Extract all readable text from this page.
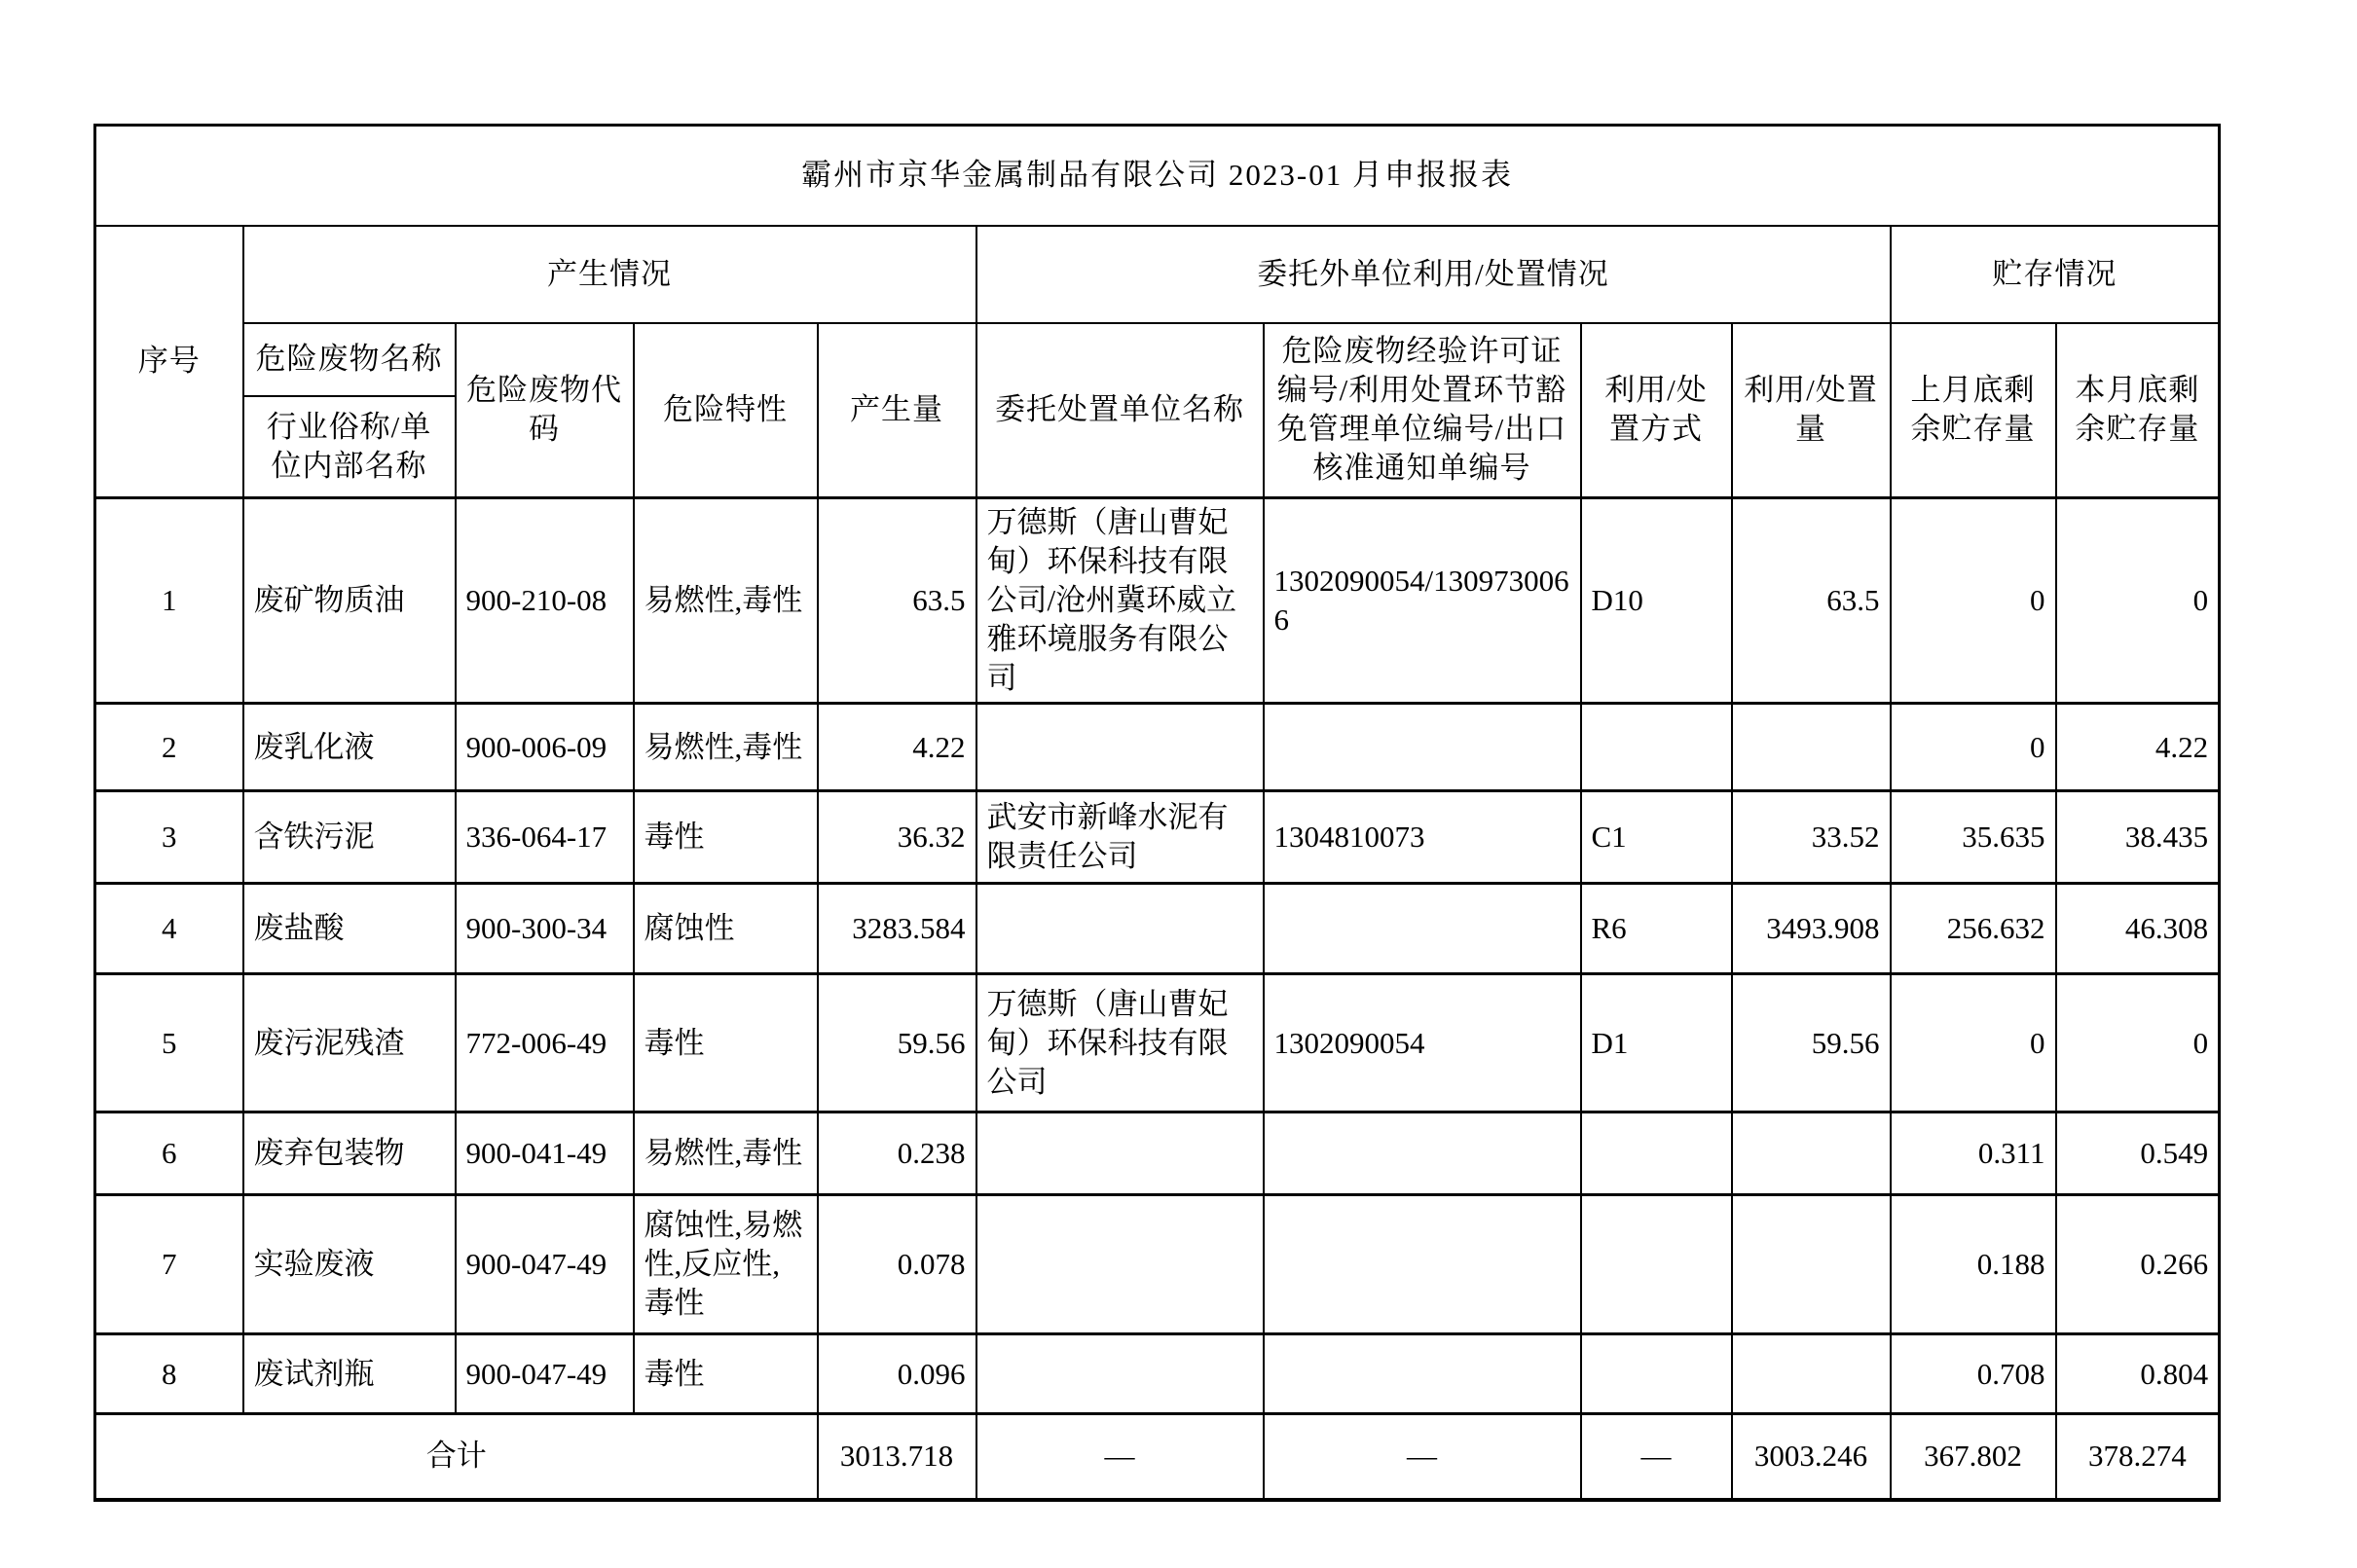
霸州市京华金属制品有限公司 2023-01 月申报报表										
序号	产生情况				委托外单位利用/处置情况				贮存情况	
	危险废物名称	危险废物代码	危险特性	产生量	委托处置单位名称	危险废物经验许可证编号/利用处置环节豁免管理单位编号/出口核准通知单编号	利用/处置方式	利用/处置量	上月底剩余贮存量	本月底剩余贮存量
	行业俗称/单位内部名称									
1	废矿物质油	900-210-08	易燃性,毒性	63.5	万德斯（唐山曹妃甸）环保科技有限公司/沧州冀环威立雅环境服务有限公司	1302090054/1309730066	D10	63.5	0	0
2	废乳化液	900-006-09	易燃性,毒性	4.22					0	4.22
3	含铁污泥	336-064-17	毒性	36.32	武安市新峰水泥有限责任公司	1304810073	C1	33.52	35.635	38.435
4	废盐酸	900-300-34	腐蚀性	3283.584			R6	3493.908	256.632	46.308
5	废污泥残渣	772-006-49	毒性	59.56	万德斯（唐山曹妃甸）环保科技有限公司	1302090054	D1	59.56	0	0
6	废弃包装物	900-041-49	易燃性,毒性	0.238					0.311	0.549
7	实验废液	900-047-49	腐蚀性,易燃性,反应性,毒性	0.078					0.188	0.266
8	废试剂瓶	900-047-49	毒性	0.096					0.708	0.804
合计				3013.718	—	—	—	3003.246	367.802	378.274
